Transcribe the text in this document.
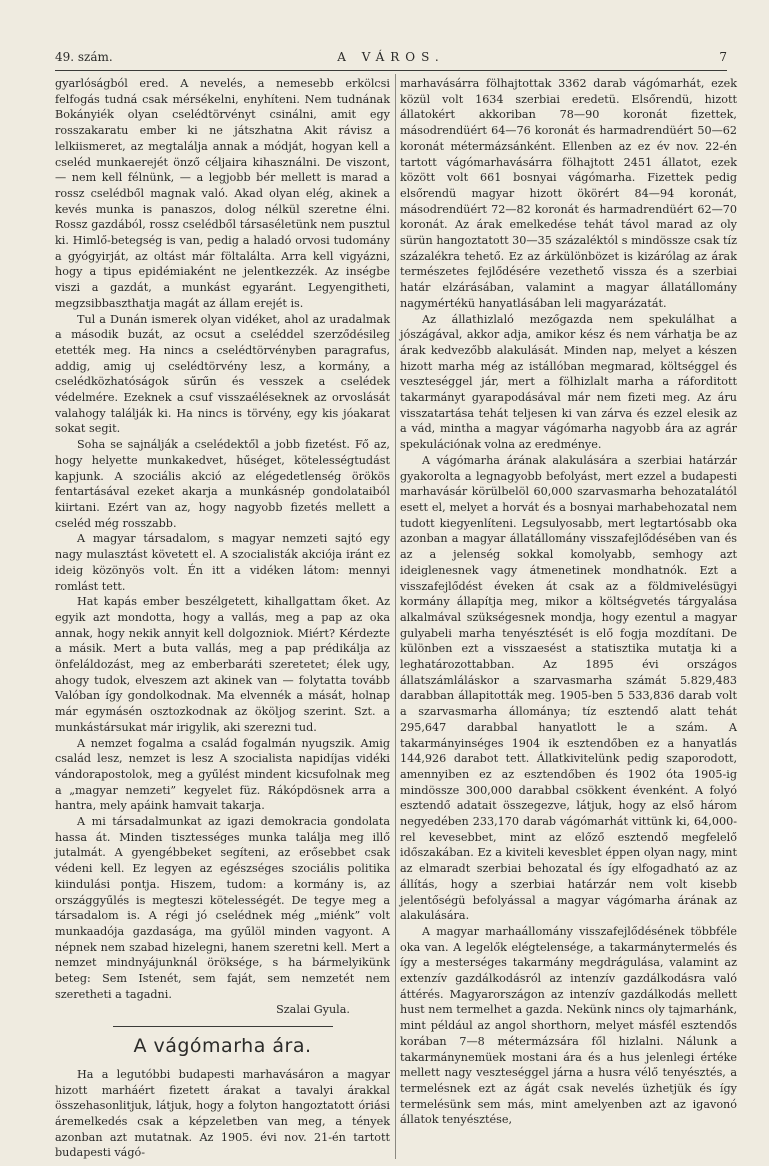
49. szám.	A VÁROS.	7

gyarlóságból ered. A nevelés, a nemesebb erkölcsi felfogás tudná csak mérsékelni, enyhíteni. Nem tudnának Bokányiék olyan cselédtörvényt csinálni, amit egy rosszakaratu ember ki ne játszhatna Akit rávisz a lelkiismeret, az megtalálja annak a módját, hogyan kell a cseléd munkaerejét önző céljaira kihasználni. De viszont, — nem kell félnünk, — a legjobb bér mellett is marad a rossz cselédből magnak való. Akad olyan elég, akinek a kevés munka is panaszos, dolog nélkül szeretne élni. Rossz gazdából, rossz cselédből társaséletünk nem pusztul ki. Himlő-betegség is van, pedig a haladó orvosi tudomány a gyógyirját, az oltást már föltalálta. Arra kell vigyázni, hogy a tipus epidémiaként ne jelentkezzék. Az inségbe viszi a gazdát, a munkást egyaránt. Legyengitheti, megzsibbaszthatja magát az állam erejét is.

Tul a Dunán ismerek olyan vidéket, ahol az uradalmak a második buzát, az ocsut a cseléddel szerződésileg etették meg. Ha nincs a cselédtörvényben paragrafus, addig, amig uj cselédtörvény lesz, a kormány, a cselédközhatóságok sűrűn és vesszek a cselédek védelmére. Ezeknek a csuf visszaéléseknek az orvoslását valahogy találják ki. Ha nincs is törvény, egy kis jóakarat sokat segit.

Soha se sajnálják a cselédektől a jobb fizetést. Fő az, hogy helyette munkakedvet, hűséget, kötelességtudást kapjunk. A szociális akció az elégedetlenség örökös fentartásával ezeket akarja a munkásnép gondolataiból kiirtani. Ezért van az, hogy nagyobb fizetés mellett a cseléd még rosszabb.

A magyar társadalom, s magyar nemzeti sajtó egy nagy mulasztást követett el. A szocialisták akciója iránt ez ideig közönyös volt. Én itt a vidéken látom: mennyi romlást tett.

Hat kapás ember beszélgetett, kihallgattam őket. Az egyik azt mondotta, hogy a vallás, meg a pap az oka annak, hogy nekik annyit kell dolgozniok. Miért? Kérdezte a másik. Mert a buta vallás, meg a pap prédikálja az önfeláldozást, meg az emberbaráti szeretetet; élek ugy, ahogy tudok, elveszem azt akinek van — folytatta tovább Valóban így gondolkodnak. Ma elvennék a mását, holnap már egymásén osztozkodnak az ököljog szerint. Szt. a munkástársukat már irigylik, aki szerezni tud.

A nemzet fogalma a család fogalmán nyugszik. Amig család lesz, nemzet is lesz A szocialista napidíjas vidéki vándorapostolok, meg a gyűlést mindent kicsufolnak meg a „magyar nemzeti” kegyelet füz. Rákópdösnek arra a hantra, mely apáink hamvait takarja.

A mi társadalmunkat az igazi demokracia gondolata hassa át. Minden tisztességes munka találja meg illő jutalmát. A gyengébbeket segíteni, az erősebbet csak védeni kell. Ez legyen az egészséges szociális politika kiindulási pontja. Hiszem, tudom: a kormány is, az országgyűlés is megteszi kötelességét. De tegye meg a társadalom is. A régi jó cselédnek még „miénk” volt munkaadója gazdasága, ma gyűlöl minden vagyont. A népnek nem szabad hizelegni, hanem szeretni kell. Mert a nemzet mindnyájunknál öröksége, s ha bármelyikünk beteg: Sem Istenét, sem faját, sem nemzetét nem szeretheti a tagadni.

Szalai Gyula.

A vágómarha ára.

Ha a legutóbbi budapesti marhavásáron a magyar hizott marháért fizetett árakat a tavalyi árakkal összehasonlitjuk, látjuk, hogy a folyton hangoztatott óriási áremelkedés csak a képzeletben van meg, a tények azonban azt mutatnak. Az 1905. évi nov. 21-én tartott budapesti vágó-

marhavásárra fölhajtottak 3362 darab vágómarhát, ezek közül volt 1634 szerbiai eredetü. Elsőrendü, hizott állatokért akkoriban 78—90 koronát fizettek, másodrendüért 64—76 koronát és harmadrendüért 50—62 koronát métermázsánként. Ellenben az ez év nov. 22-én tartott vágómarhavásárra fölhajtott 2451 állatot, ezek között volt 661 bosnyai vágómarha. Fizettek pedig elsőrendü magyar hizott ökörért 84—94 koronát, másodrendüért 72—82 koronát és harmadrendüért 62—70 koronát. Az árak emelkedése tehát távol marad az oly sürün hangoztatott 30—35 százaléktól s mindössze csak tíz százalékra tehető. Ez az árkülönbözet is kizárólag az árak természetes fejlődésére vezethető vissza és a szerbiai határ elzárásában, valamint a magyar állatállomány nagymértékü hanyatlásában leli magyarázatát.

Az állathizlaló mezőgazda nem spekulálhat a jószágával, akkor adja, amikor kész és nem várhatja be az árak kedvezőbb alakulását. Minden nap, melyet a készen hizott marha még az istállóban megmarad, költséggel és veszteséggel jár, mert a fölhizlalt marha a ráforditott takarmányt gyarapodásával már nem fizeti meg. Az áru visszatartása tehát teljesen ki van zárva és ezzel elesik az a vád, mintha a magyar vágómarha nagyobb ára az agrár spekulációnak volna az eredménye.

A vágómarha árának alakulására a szerbiai határzár gyakorolta a legnagyobb befolyást, mert ezzel a budapesti marhavásár körülbelöl 60,000 szarvasmarha behozatalától esett el, melyet a horvát és a bosnyai marhabehozatal nem tudott kiegyenlíteni. Legsulyosabb, mert legtartósabb oka azonban a magyar állatállomány visszafejlődésében van és az a jelenség sokkal komolyabb, semhogy azt ideiglenesnek vagy átmenetinek mondhatnók. Ezt a visszafejlődést éveken át csak az a földmivelésügyi kormány állapítja meg, mikor a költségvetés tárgyalása alkalmával szükségesnek mondja, hogy ezentul a magyar gulyabeli marha tenyésztését is elő fogja mozdítani. De különben ezt a visszaesést a statisztika mutatja ki a leghatározottabban. Az 1895 évi országos állatszámláláskor a szarvasmarha számát 5.829,483 darabban állapitották meg. 1905-ben 5 533,836 darab volt a szarvasmarha állománya; tíz esztendő alatt tehát 295,647 darabbal hanyatlott le a szám. A takarmányinséges 1904 ik esztendőben ez a hanyatlás 144,926 darabot tett. Állatkivitelünk pedig szaporodott, amennyiben ez az esztendőben és 1902 óta 1905-ig mindössze 300,000 darabbal csökkent évenként. A folyó esztendő adatait összegezve, látjuk, hogy az első három negyedében 233,170 darab vágómarhát vittünk ki, 64,000-rel kevesebbet, mint az előző esztendő megfelelő időszakában. Ez a kiviteli kevesblet éppen olyan nagy, mint az elmaradt szerbiai behozatal és így elfogadható az az állítás, hogy a szerbiai határzár nem volt kisebb jelentőségü befolyással a magyar vágómarha árának az alakulására.

A magyar marhaállomány visszafejlődésének többféle oka van. A legelők elégtelensége, a takarmánytermelés és így a mesterséges takarmány megdrágulása, valamint az extenzív gazdálkodásról az intenzív gazdálkodásra való áttérés. Magyarországon az intenzív gazdálkodás mellett hust nem termelhet a gazda. Nekünk nincs oly tajmarhánk, mint például az angol shorthorn, melyet másfél esztendős korában 7—8 métermázsára fől hizlalni. Nálunk a takarmánynemüek mostani ára és a hus jelenlegi értéke mellett nagy veszteséggel járna a husra vélő tenyésztés, a termelésnek ezt az ágát csak nevelés üzhetjük és így termelésünk sem más, mint amelyenben azt az igavonó állatok tenyésztése,
